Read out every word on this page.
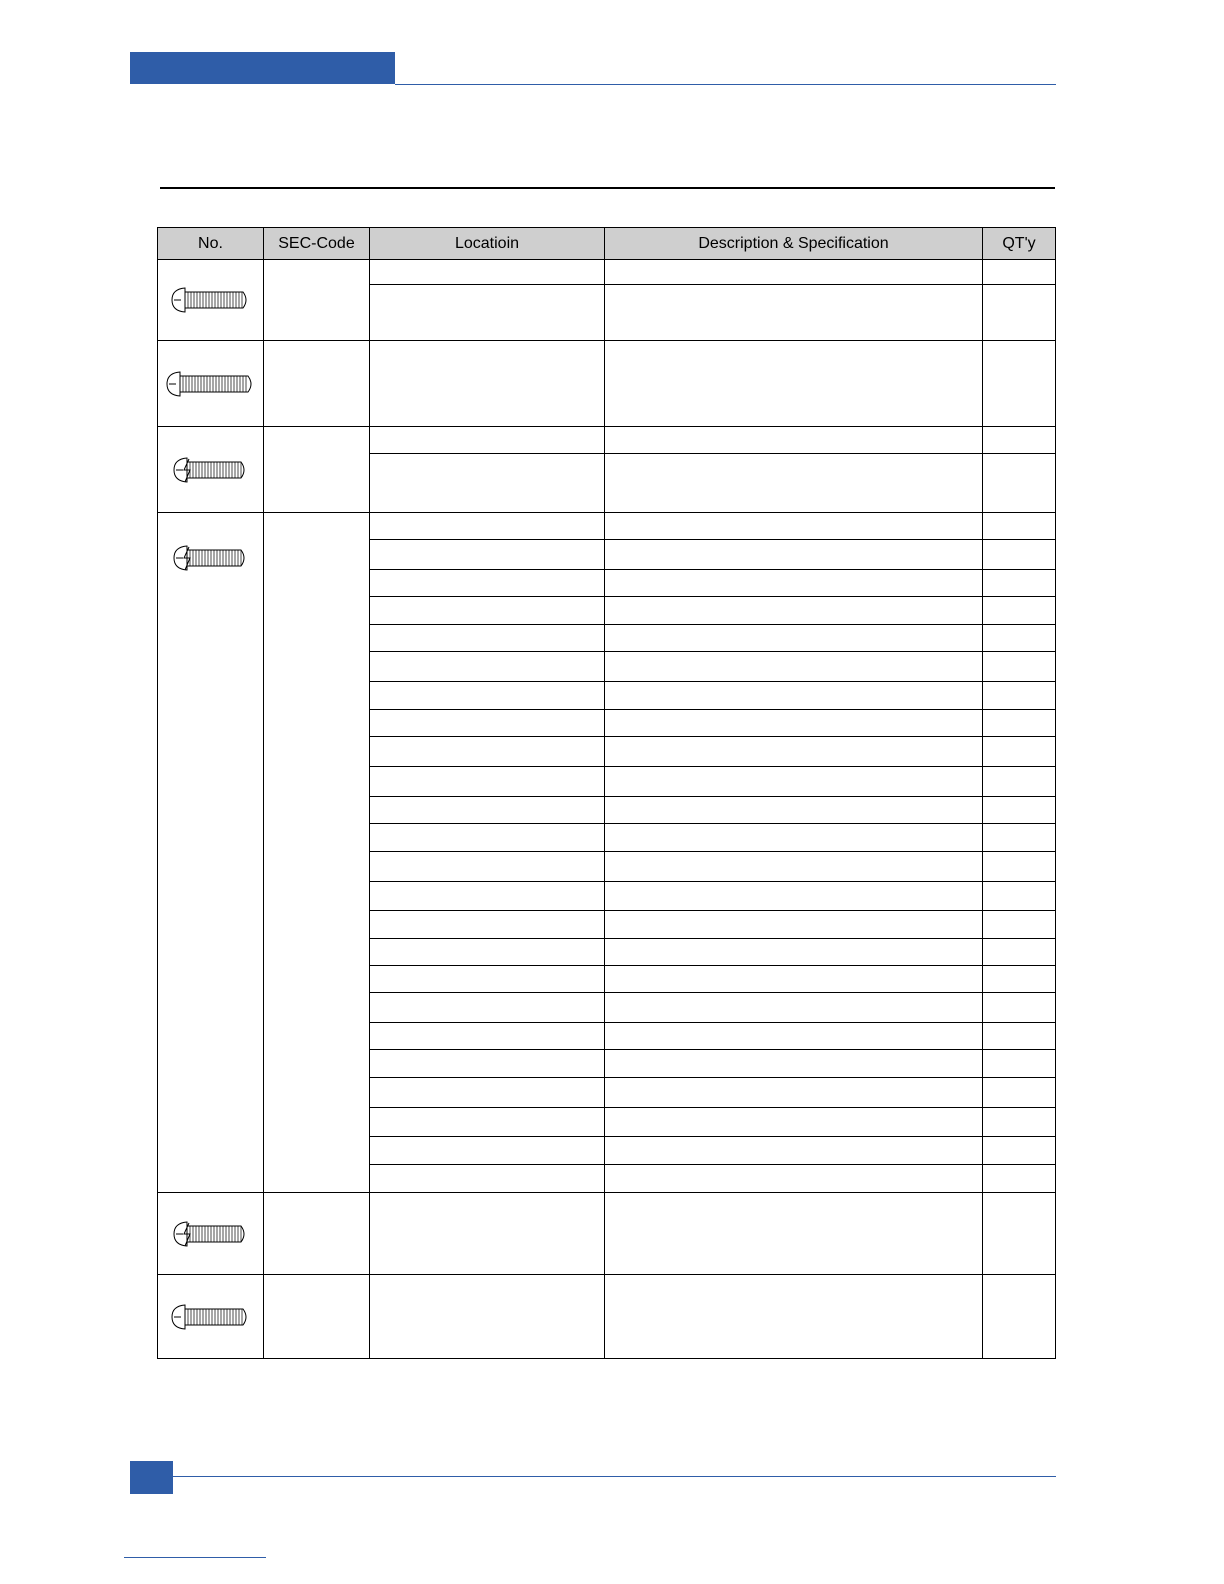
No.	SEC-Code	Locatioin	Description & Specification	QT'y
